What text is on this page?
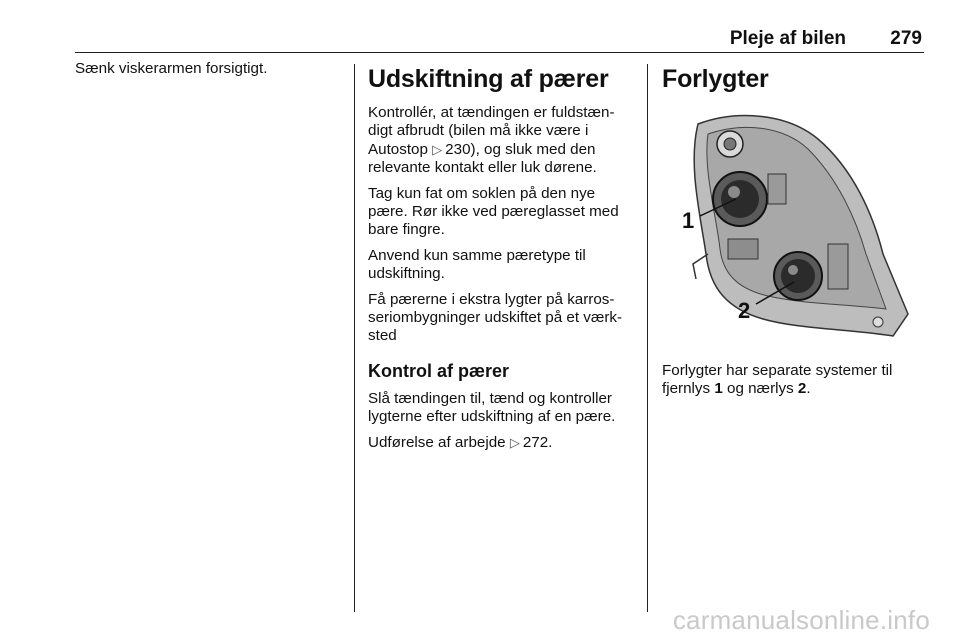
Pleje af bilen 279

Sænk viskerarmen forsigtigt.	Udskiftning af pærer

Kontrollér, at tændingen er fuldstæn‑ digt afbrudt (bilen må ikke være i Autostop ▷ 230), og sluk med den relevante kontakt eller luk dørene.

Tag kun fat om soklen på den nye pære. Rør ikke ved pæreglasset med bare fingre.

Anvend kun samme pæretype til udskiftning.

Få pærerne i ekstra lygter på karros‑ seriombygninger udskiftet på et værk‑ sted

Kontrol af pærer

Slå tændingen til, tænd og kontroller lygterne efter udskiftning af en pære.

Udførelse af arbejde ▷ 272.

Forlygter
1
2

Forlygter har separate systemer til fjernlys 1 og nærlys 2.

carmanualsonline.info
